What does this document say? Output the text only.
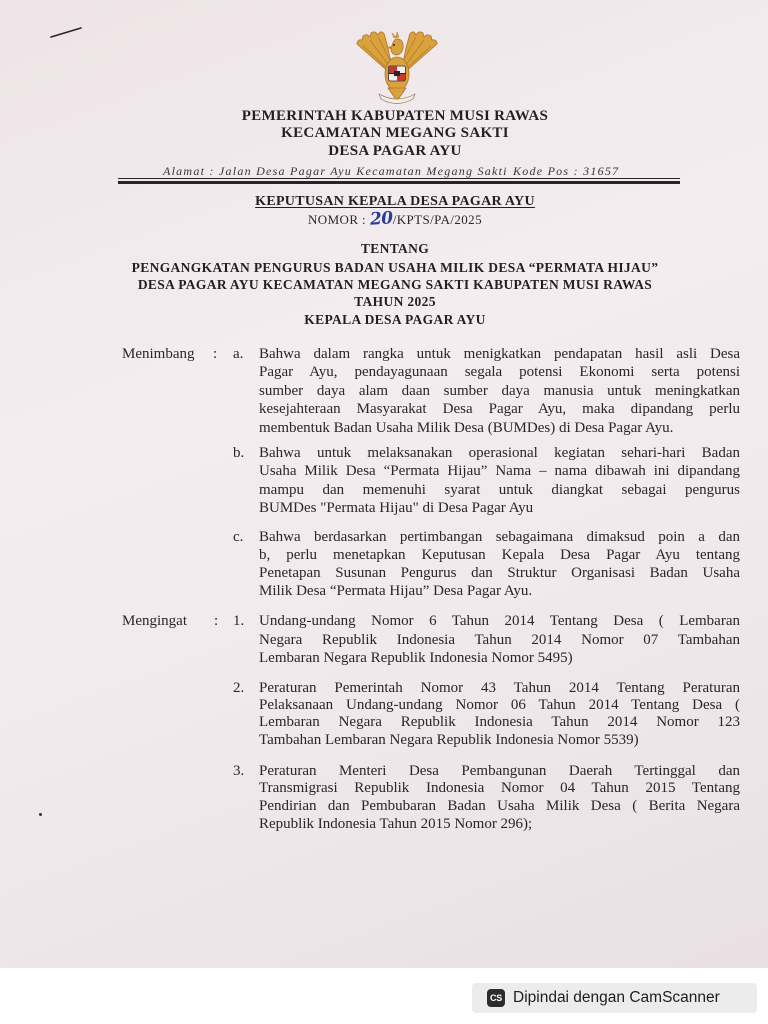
PEMERINTAH KABUPATEN MUSI RAWAS
KECAMATAN MEGANG SAKTI
DESA PAGAR AYU
Alamat : Jalan Desa Pagar Ayu Kecamatan Megang Sakti Kode Pos : 31657
KEPUTUSAN KEPALA DESA PAGAR AYU
NOMOR : 20/KPTS/PA/2025
TENTANG
PENGANGKATAN PENGURUS BADAN USAHA MILIK DESA “PERMATA HIJAU”
DESA PAGAR AYU KECAMATAN MEGANG SAKTI KABUPATEN MUSI RAWAS
TAHUN 2025
KEPALA DESA PAGAR AYU
Menimbang : a. Bahwa dalam rangka untuk menigkatkan pendapatan hasil asli Desa
Pagar Ayu, pendayagunaan segala potensi Ekonomi serta potensi
sumber daya alam daan sumber daya manusia untuk meningkatkan
kesejahteraan Masyarakat Desa Pagar Ayu, maka dipandang perlu
membentuk Badan Usaha Milik Desa (BUMDes) di Desa Pagar Ayu.
b. Bahwa untuk melaksanakan operasional kegiatan sehari-hari Badan
Usaha Milik Desa “Permata Hijau” Nama – nama dibawah ini dipandang
mampu dan memenuhi syarat untuk diangkat sebagai pengurus
BUMDes "Permata Hijau" di Desa Pagar Ayu
c. Bahwa berdasarkan pertimbangan sebagaimana dimaksud poin a dan
b, perlu menetapkan Keputusan Kepala Desa Pagar Ayu tentang
Penetapan Susunan Pengurus dan Struktur Organisasi Badan Usaha
Milik Desa “Permata Hijau” Desa Pagar Ayu.
Mengingat : 1. Undang-undang Nomor 6 Tahun 2014 Tentang Desa ( Lembaran
Negara Republik Indonesia Tahun 2014 Nomor 07 Tambahan
Lembaran Negara Republik Indonesia Nomor 5495)
2. Peraturan Pemerintah Nomor 43 Tahun 2014 Tentang Peraturan
Pelaksanaan Undang-undang Nomor 06 Tahun 2014 Tentang Desa (
Lembaran Negara Republik Indonesia Tahun 2014 Nomor 123
Tambahan Lembaran Negara Republik Indonesia Nomor 5539)
3. Peraturan Menteri Desa Pembangunan Daerah Tertinggal dan
Transmigrasi Republik Indonesia Nomor 04 Tahun 2015 Tentang
Pendirian dan Pembubaran Badan Usaha Milik Desa ( Berita Negara
Republik Indonesia Tahun 2015 Nomor 296);
CS Dipindai dengan CamScanner
